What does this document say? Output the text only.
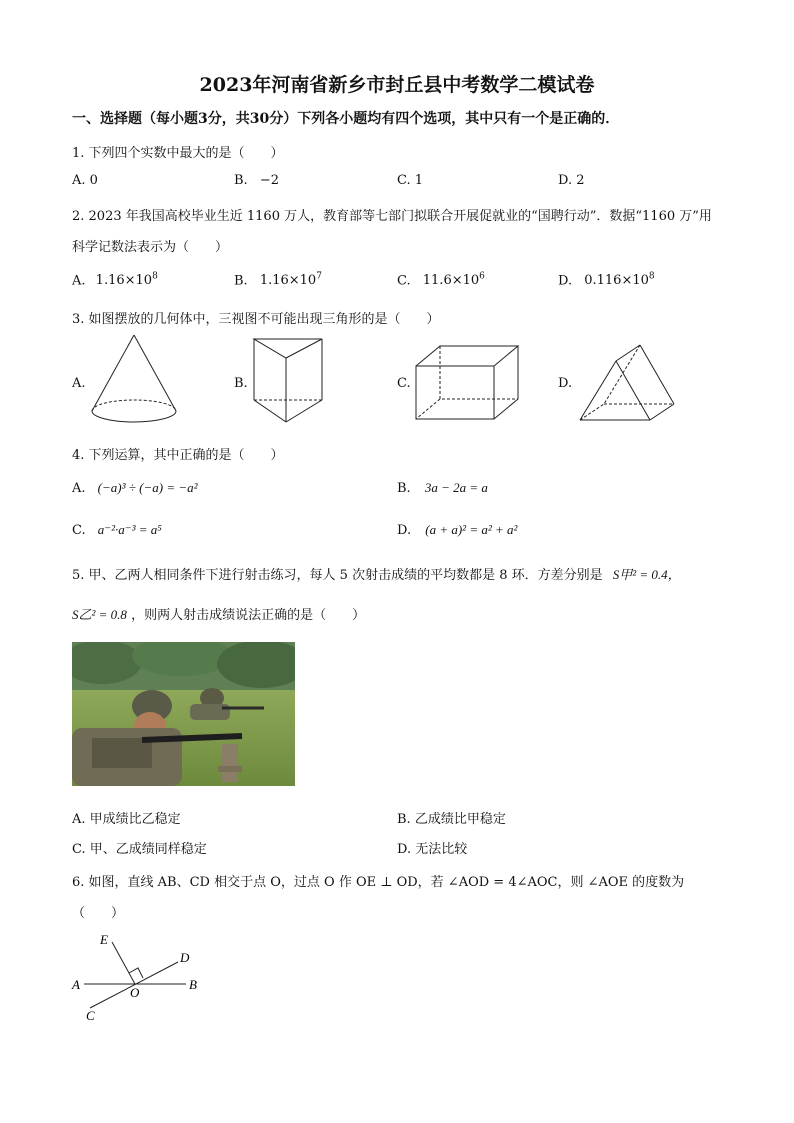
2023年河南省新乡市封丘县中考数学二模试卷
一、选择题（每小题3分，共30分）下列各小题均有四个选项，其中只有一个是正确的．
1. 下列四个实数中最大的是（　　）
A. 0	B. −2	C. 1	D. 2
2. 2023 年我国高校毕业生近 1160 万人，教育部等七部门拟联合开展促就业的“国聘行动”．数据“1160 万”用
科学记数法表示为（　　）
A. $1.16\times 10^8$	B. $1.16\times 10^7$	C. $11.6\times 10^6$	D. $0.116\times 10^8$
3. 如图摆放的几何体中，三视图不可能出现三角形的是（　　）
A.	B.	C.	D.
4. 下列运算，其中正确的是（　　）
A. (−a)³ ÷ (−a) = −a²	B. 3a − 2a = a
C. a⁻²·a⁻³ = a⁵	D. (a + a)² = a² + a²
5. 甲、乙两人相同条件下进行射击练习，每人 5 次射击成绩的平均数都是 8 环．方差分别是 S甲² = 0.4，
S乙² = 0.8 ，则两人射击成绩说法正确的是（　　）
A. 甲成绩比乙稳定	B. 乙成绩比甲稳定
C. 甲、乙成绩同样稳定	D. 无法比较
6. 如图，直线 AB、CD 相交于点 O，过点 O 作 OE ⊥ OD，若 ∠AOD = 4∠AOC，则 ∠AOE 的度数为
（　　）
E
D
A
O
B
C
